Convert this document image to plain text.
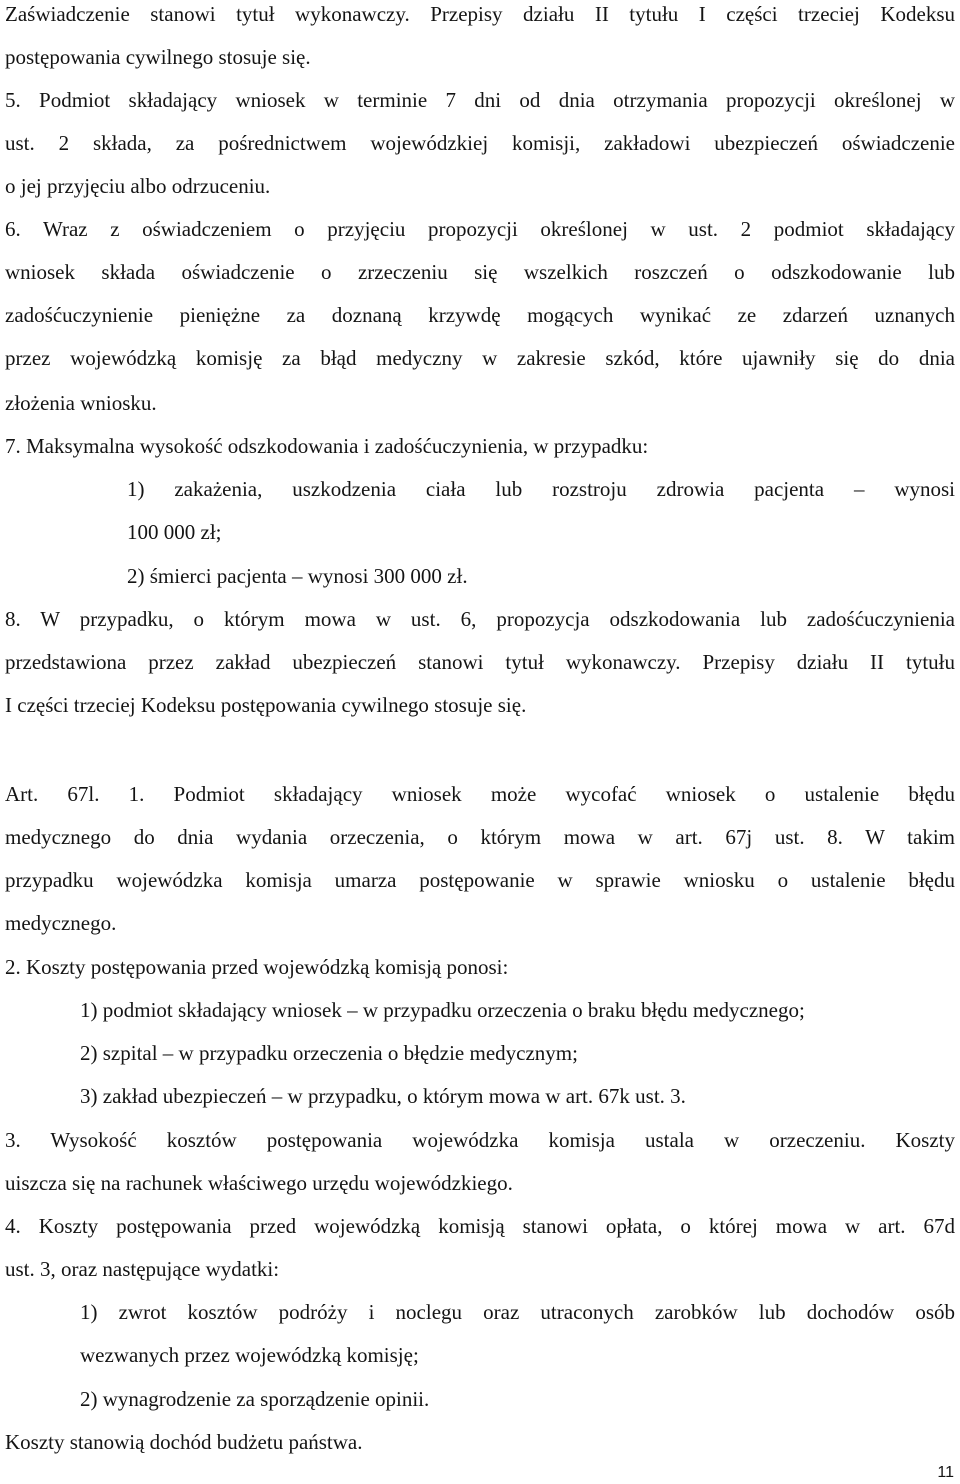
Zaświadczenie stanowi tytuł wykonawczy. Przepisy działu II tytułu I części trzeciej Kodeksu
postępowania cywilnego stosuje się.
5. Podmiot składający wniosek w terminie 7 dni od dnia otrzymania propozycji określonej w
ust. 2 składa, za pośrednictwem wojewódzkiej komisji, zakładowi ubezpieczeń oświadczenie
o jej przyjęciu albo odrzuceniu.
6. Wraz z oświadczeniem o przyjęciu propozycji określonej w ust. 2 podmiot składający
wniosek składa oświadczenie o zrzeczeniu się wszelkich roszczeń o odszkodowanie lub
zadośćuczynienie pieniężne za doznaną krzywdę mogących wynikać ze zdarzeń uznanych
przez wojewódzką komisję za błąd medyczny w zakresie szkód, które ujawniły się do dnia
złożenia wniosku.
7. Maksymalna wysokość odszkodowania i zadośćuczynienia, w przypadku:
1) zakażenia, uszkodzenia ciała lub rozstroju zdrowia pacjenta – wynosi
100 000 zł;
2) śmierci pacjenta – wynosi 300 000 zł.
8. W przypadku, o którym mowa w ust. 6, propozycja odszkodowania lub zadośćuczynienia
przedstawiona przez zakład ubezpieczeń stanowi tytuł wykonawczy. Przepisy działu II tytułu
I części trzeciej Kodeksu postępowania cywilnego stosuje się.
Art. 67l. 1. Podmiot składający wniosek może wycofać wniosek o ustalenie błędu
medycznego do dnia wydania orzeczenia, o którym mowa w art. 67j ust. 8. W takim
przypadku wojewódzka komisja umarza postępowanie w sprawie wniosku o ustalenie błędu
medycznego.
2. Koszty postępowania przed wojewódzką komisją ponosi:
1) podmiot składający wniosek – w przypadku orzeczenia o braku błędu medycznego;
2) szpital – w przypadku orzeczenia o błędzie medycznym;
3) zakład ubezpieczeń – w przypadku, o którym mowa w art. 67k ust. 3.
3. Wysokość kosztów postępowania wojewódzka komisja ustala w orzeczeniu. Koszty
uiszcza się na rachunek właściwego urzędu wojewódzkiego.
4. Koszty postępowania przed wojewódzką komisją stanowi opłata, o której mowa w art. 67d
ust. 3, oraz następujące wydatki:
1) zwrot kosztów podróży i noclegu oraz utraconych zarobków lub dochodów osób
wezwanych przez wojewódzką komisję;
2) wynagrodzenie za sporządzenie opinii.
Koszty stanowią dochód budżetu państwa.
11
